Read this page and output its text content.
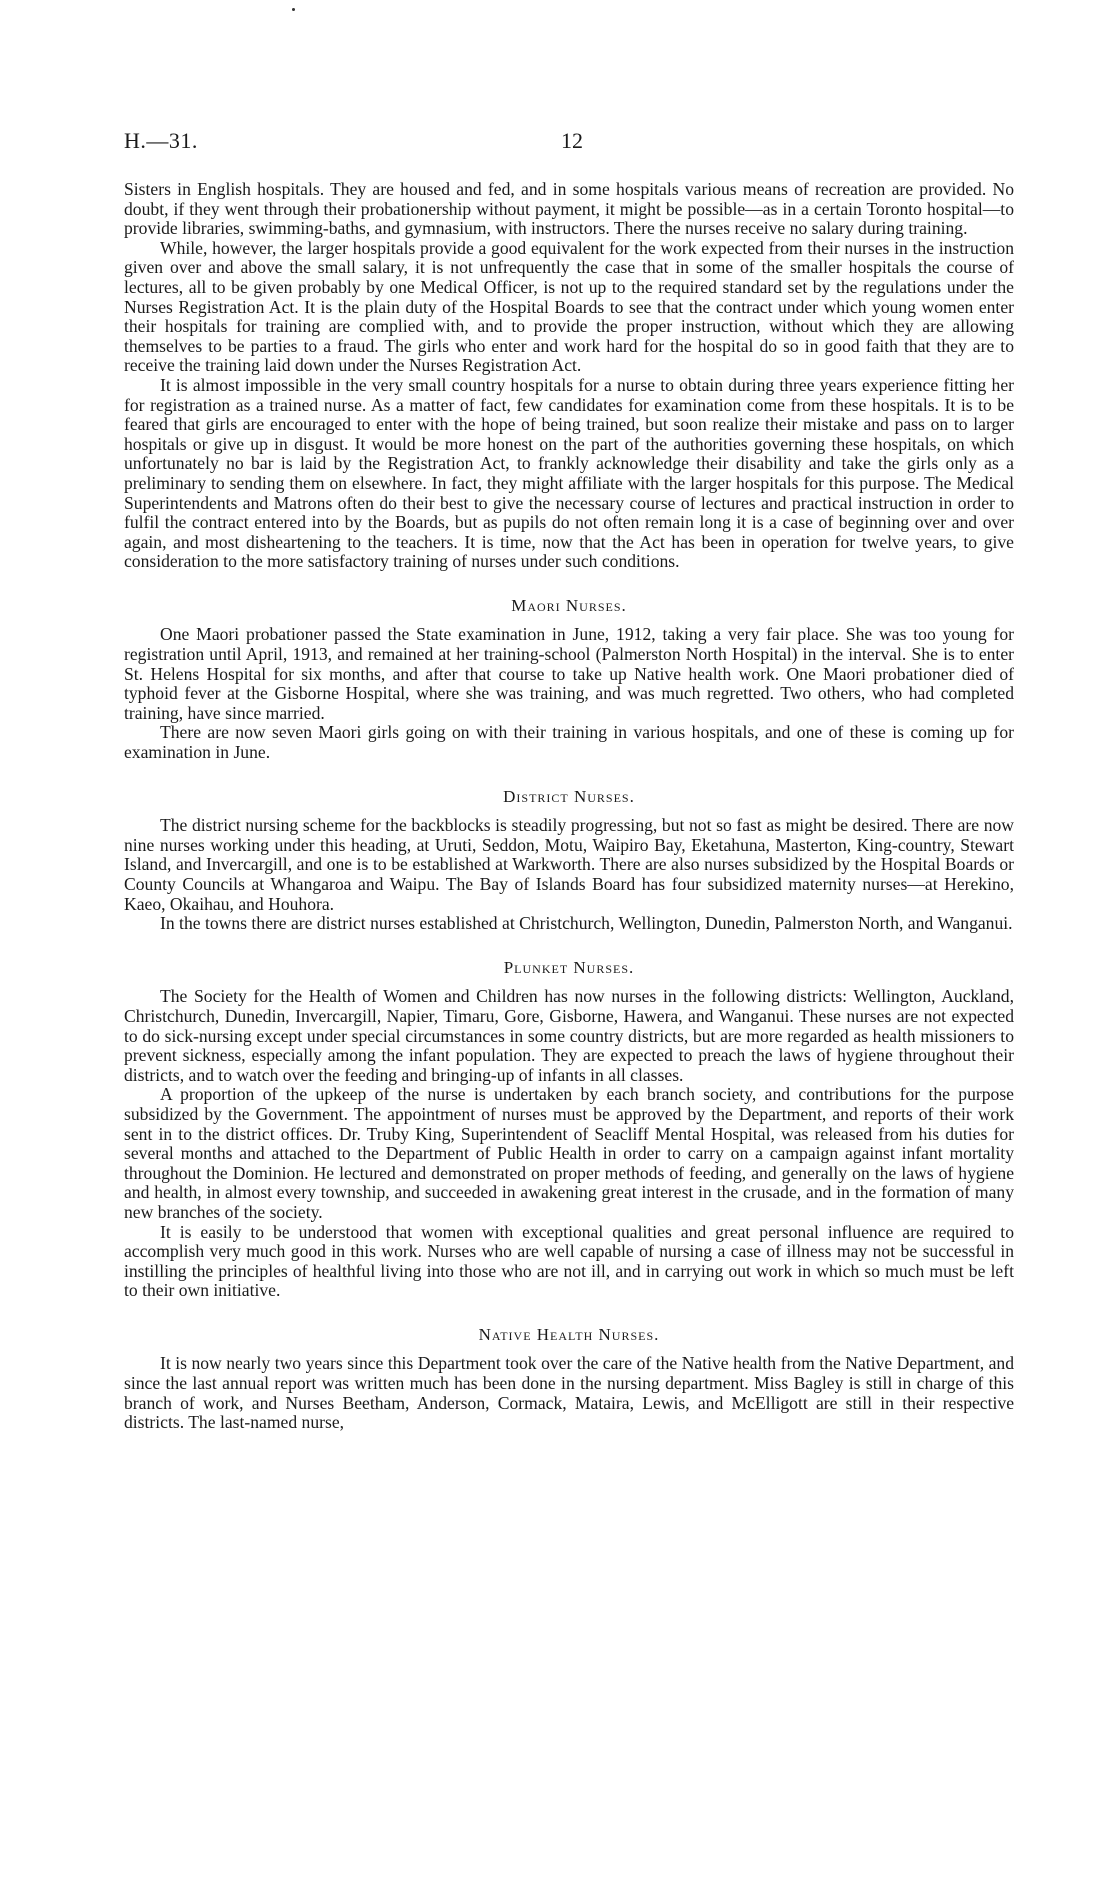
H.—31.	12

Sisters in English hospitals. They are housed and fed, and in some hospitals various means of recreation are provided. No doubt, if they went through their probationership without payment, it might be possible—as in a certain Toronto hospital—to provide libraries, swimming-baths, and gymnasium, with instructors. There the nurses receive no salary during training.

While, however, the larger hospitals provide a good equivalent for the work expected from their nurses in the instruction given over and above the small salary, it is not unfrequently the case that in some of the smaller hospitals the course of lectures, all to be given probably by one Medical Officer, is not up to the required standard set by the regulations under the Nurses Registration Act. It is the plain duty of the Hospital Boards to see that the contract under which young women enter their hospitals for training are complied with, and to provide the proper instruction, without which they are allowing themselves to be parties to a fraud. The girls who enter and work hard for the hospital do so in good faith that they are to receive the training laid down under the Nurses Registration Act.

It is almost impossible in the very small country hospitals for a nurse to obtain during three years experience fitting her for registration as a trained nurse. As a matter of fact, few candidates for examination come from these hospitals. It is to be feared that girls are encouraged to enter with the hope of being trained, but soon realize their mistake and pass on to larger hospitals or give up in disgust. It would be more honest on the part of the authorities governing these hospitals, on which unfortunately no bar is laid by the Registration Act, to frankly acknowledge their disability and take the girls only as a preliminary to sending them on elsewhere. In fact, they might affiliate with the larger hospitals for this purpose. The Medical Superintendents and Matrons often do their best to give the necessary course of lectures and practical instruction in order to fulfil the contract entered into by the Boards, but as pupils do not often remain long it is a case of beginning over and over again, and most disheartening to the teachers. It is time, now that the Act has been in operation for twelve years, to give consideration to the more satisfactory training of nurses under such conditions.

Maori Nurses.

One Maori probationer passed the State examination in June, 1912, taking a very fair place. She was too young for registration until April, 1913, and remained at her training-school (Palmerston North Hospital) in the interval. She is to enter St. Helens Hospital for six months, and after that course to take up Native health work. One Maori probationer died of typhoid fever at the Gisborne Hospital, where she was training, and was much regretted. Two others, who had completed training, have since married.

There are now seven Maori girls going on with their training in various hospitals, and one of these is coming up for examination in June.

District Nurses.

The district nursing scheme for the backblocks is steadily progressing, but not so fast as might be desired. There are now nine nurses working under this heading, at Uruti, Seddon, Motu, Waipiro Bay, Eketahuna, Masterton, King-country, Stewart Island, and Invercargill, and one is to be established at Warkworth. There are also nurses subsidized by the Hospital Boards or County Councils at Whangaroa and Waipu. The Bay of Islands Board has four subsidized maternity nurses—at Herekino, Kaeo, Okaihau, and Houhora.

In the towns there are district nurses established at Christchurch, Wellington, Dunedin, Palmerston North, and Wanganui.

Plunket Nurses.

The Society for the Health of Women and Children has now nurses in the following districts: Wellington, Auckland, Christchurch, Dunedin, Invercargill, Napier, Timaru, Gore, Gisborne, Hawera, and Wanganui. These nurses are not expected to do sick-nursing except under special circumstances in some country districts, but are more regarded as health missioners to prevent sickness, especially among the infant population. They are expected to preach the laws of hygiene throughout their districts, and to watch over the feeding and bringing-up of infants in all classes.

A proportion of the upkeep of the nurse is undertaken by each branch society, and contributions for the purpose subsidized by the Government. The appointment of nurses must be approved by the Department, and reports of their work sent in to the district offices. Dr. Truby King, Superintendent of Seacliff Mental Hospital, was released from his duties for several months and attached to the Department of Public Health in order to carry on a campaign against infant mortality throughout the Dominion. He lectured and demonstrated on proper methods of feeding, and generally on the laws of hygiene and health, in almost every township, and succeeded in awakening great interest in the crusade, and in the formation of many new branches of the society.

It is easily to be understood that women with exceptional qualities and great personal influence are required to accomplish very much good in this work. Nurses who are well capable of nursing a case of illness may not be successful in instilling the principles of healthful living into those who are not ill, and in carrying out work in which so much must be left to their own initiative.

Native Health Nurses.

It is now nearly two years since this Department took over the care of the Native health from the Native Department, and since the last annual report was written much has been done in the nursing department. Miss Bagley is still in charge of this branch of work, and Nurses Beetham, Anderson, Cormack, Mataira, Lewis, and McElligott are still in their respective districts. The last-named nurse,
